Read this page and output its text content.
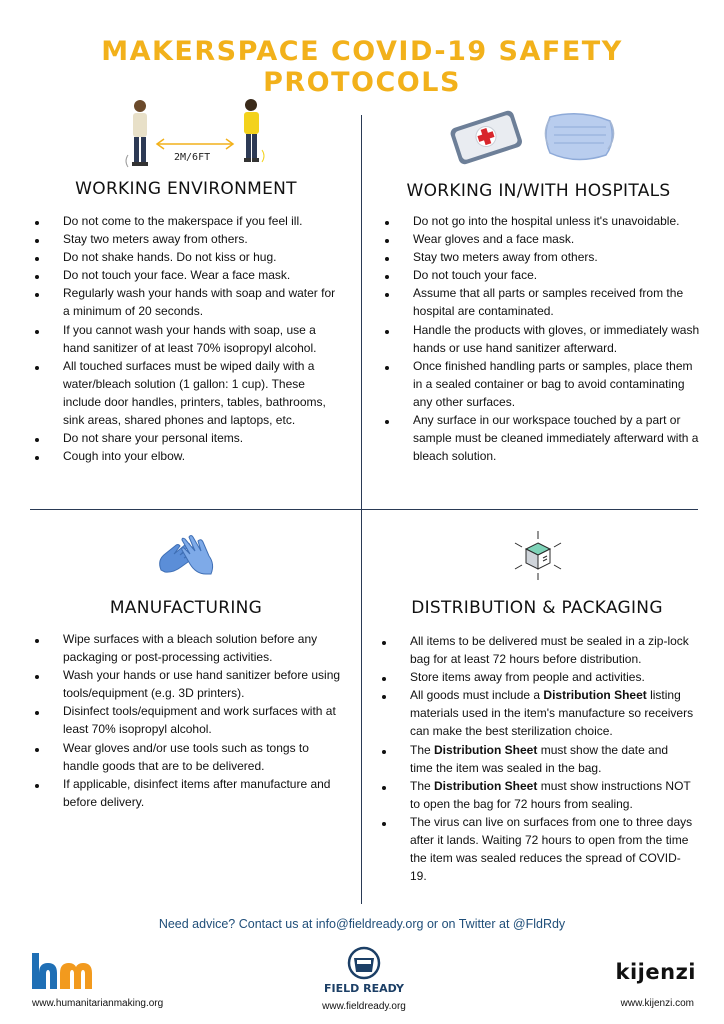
MAKERSPACE COVID-19 SAFETY PROTOCOLS
2M/6FT
WORKING ENVIRONMENT
Do not come to the makerspace if you feel ill.
Stay two meters away from others.
Do not shake hands. Do not kiss or hug.
Do not touch your face. Wear a face mask.
Regularly wash your hands with soap and water for a minimum of 20 seconds.
If you cannot wash your hands with soap, use a hand sanitizer of at least 70% isopropyl alcohol.
All touched surfaces must be wiped daily with a water/bleach solution (1 gallon: 1 cup). These include door handles, printers, tables, bathrooms, sink areas, shared phones and laptops, etc.
Do not share your personal items.
Cough into your elbow.
WORKING IN/WITH HOSPITALS
Do not go into the hospital unless it's unavoidable.
Wear gloves and a face mask.
Stay two meters away from others.
Do not touch your face.
Assume that all parts or samples received from the hospital are contaminated.
Handle the products with gloves, or immediately wash hands or use hand sanitizer afterward.
Once finished handling parts or samples, place them in a sealed container or bag to avoid contaminating any other surfaces.
Any surface in our workspace touched by a part or sample must be cleaned immediately afterward with a bleach solution.
MANUFACTURING
Wipe surfaces with a bleach solution before any packaging or post-processing activities.
Wash your hands or use hand sanitizer before using tools/equipment (e.g. 3D printers).
Disinfect tools/equipment and work surfaces with at least 70% isopropyl alcohol.
Wear gloves and/or use tools such as tongs to handle goods that are to be delivered.
If applicable, disinfect items after manufacture and before delivery.
DISTRIBUTION & PACKAGING
All items to be delivered must be sealed in a zip-lock bag for at least 72 hours before distribution.
Store items away from people and activities.
All goods must include a Distribution Sheet listing materials used in the item's manufacture so receivers can make the best sterilization choice.
The Distribution Sheet must show the date and time the item was sealed in the bag.
The Distribution Sheet must show instructions NOT to open the bag for 72 hours from sealing.
The virus can live on surfaces from one to three days after it lands. Waiting 72 hours to open from the time the item was sealed reduces the spread of COVID-19.

Need advice? Contact us at info@fieldready.org or on Twitter at @FldRdy

www.humanitarianmaking.org
FIELD READY
www.fieldready.org
kijenzi
www.kijenzi.com
